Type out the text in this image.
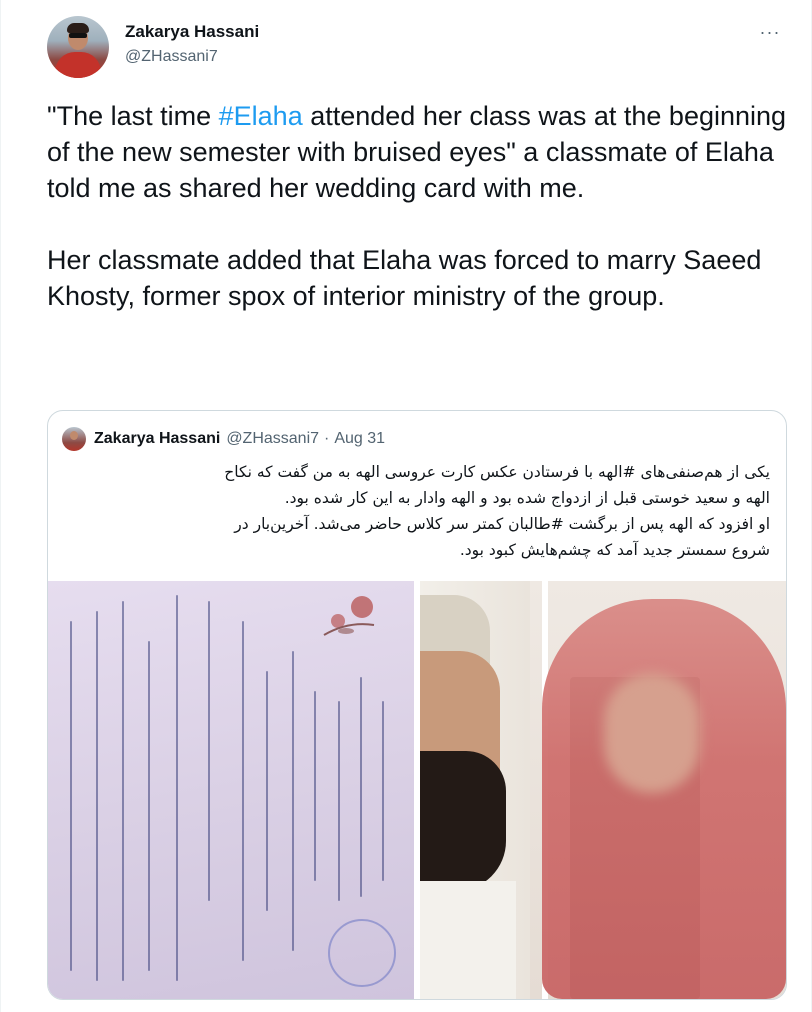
Zakarya Hassani
@ZHassani7
···

"The last time #Elaha attended her class was at the beginning of the new semester with bruised eyes" a classmate of Elaha told me as shared her wedding card with me.

Her classmate added that Elaha was forced to marry Saeed Khosty, former spox of interior ministry of the group.

Zakarya Hassani @ZHassani7 · Aug 31
یکی از هم‌صنفی‌های #الهه با فرستادن عکس کارت عروسی الهه به من گفت که نکاح
الهه و سعید خوستی قبل از ازدواج شده بود و الهه وادار به این کار شده بود.
او افزود که الهه پس از برگشت #طالبان کمتر سر کلاس حاضر می‌شد. آخرین‌بار در
شروع سمستر جدید آمد که چشم‌هایش کبود بود.
